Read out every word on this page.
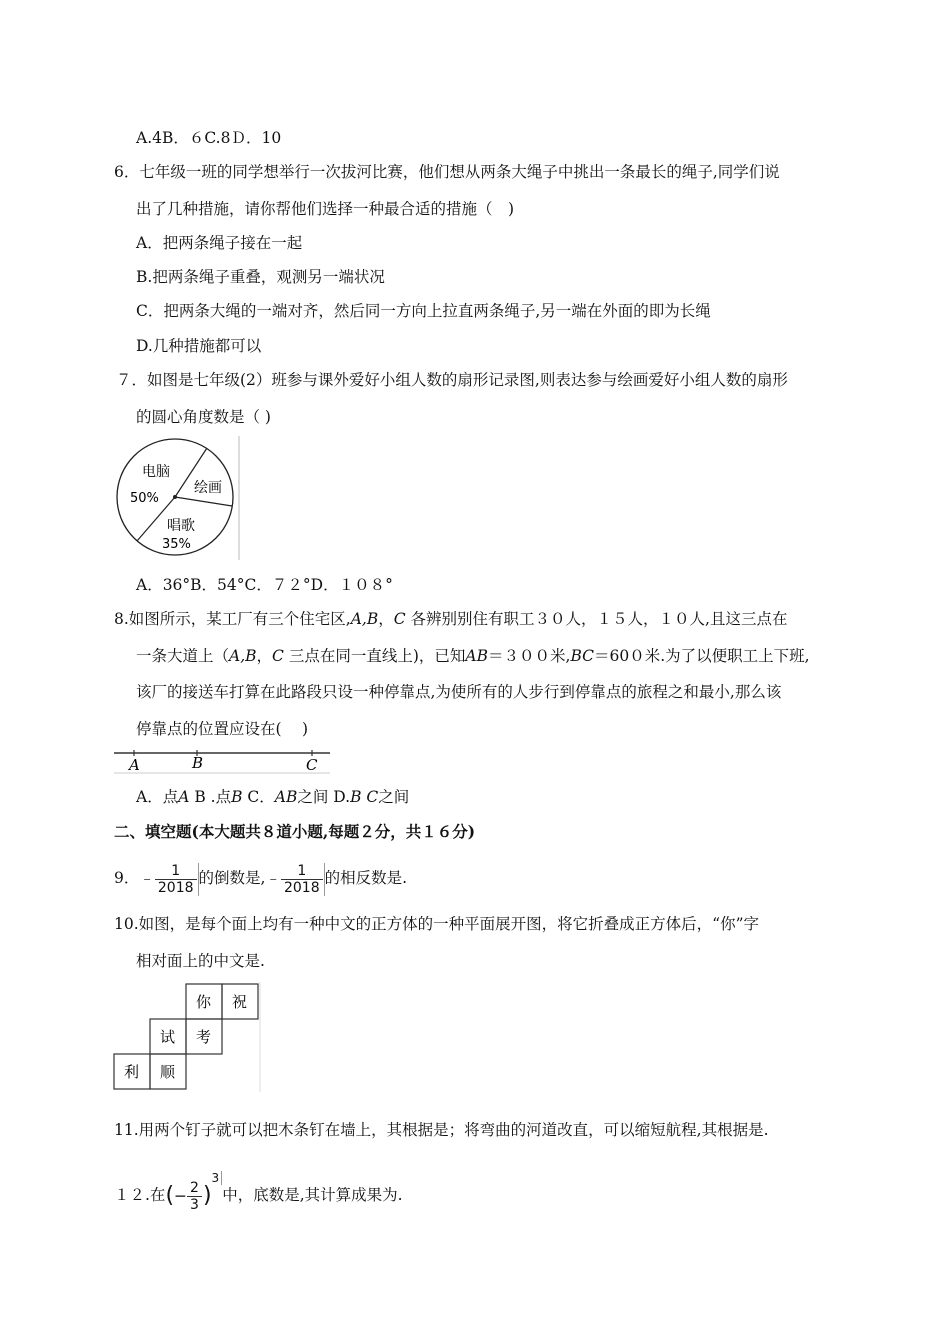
A.4B．６C.8Ｄ．10
6．七年级一班的同学想举行一次拔河比赛，他们想从两条大绳子中挑出一条最长的绳子,同学们说
出了几种措施，请你帮他们选择一种最合适的措施（　)
A．把两条绳子接在一起
B.把两条绳子重叠，观测另一端状况
C．把两条大绳的一端对齐，然后同一方向上拉直两条绳子,另一端在外面的即为长绳
D.几种措施都可以
７．如图是七年级(2）班参与课外爱好小组人数的扇形记录图,则表达参与绘画爱好小组人数的扇形
的圆心角度数是（ )
电脑
50%
绘画
唱歌
35%
A．36°B．54°C．７２°D．１０８°
8.如图所示，某工厂有三个住宅区,A,B，C 各辨别别住有职工３０人，１５人，１０人,且这三点在
一条大道上（A,B，C 三点在同一直线上)，已知AB＝３００米,BC＝60０米.为了以便职工上下班,
该厂的接送车打算在此路段只设一种停靠点,为使所有的人步行到停靠点的旅程之和最小,那么该
停靠点的位置应设在(　 )
A	B	C
A．点A B .点B C．AB之间 D.B C之间
二、填空题(本大题共８道小题,每题２分，共１６分)
9．﹣ $\frac{1}{2018}$ 的倒数是,﹣ $\frac{1}{2018}$ 的相反数是.
10.如图，是每个面上均有一种中文的正方体的一种平面展开图，将它折叠成正方体后，“你”字
相对面上的中文是.
你 祝
试 考
利 顺
11.用两个钉子就可以把木条钉在墙上，其根据是；将弯曲的河道改直，可以缩短航程,其根据是.
１２.在(− $\frac{2}{3} )^3$中，底数是,其计算成果为.
